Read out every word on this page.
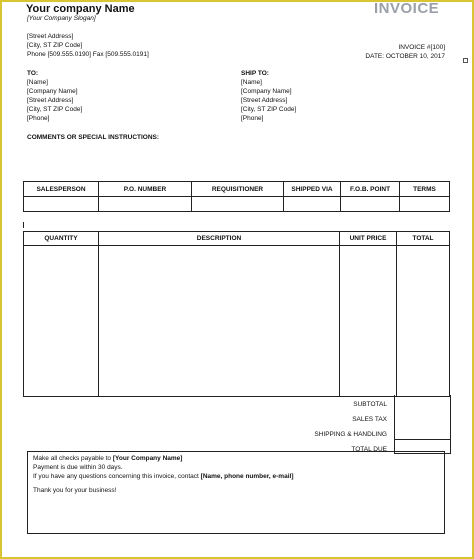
Your company Name
[Your Company Slogan]
INVOICE
[Street Address]
[City, ST ZIP Code]
Phone [509.555.0190] Fax [509.555.0191]
INVOICE #[100]
DATE: OCTOBER 10, 2017
TO:
[Name]
[Company Name]
[Street Address]
[City, ST ZIP Code]
[Phone]
SHIP TO:
[Name]
[Company Name]
[Street Address]
[City, ST ZIP Code]
[Phone]
COMMENTS OR SPECIAL INSTRUCTIONS:
SALESPERSON	P.O. NUMBER	REQUISITIONER	SHIPPED VIA	F.O.B. POINT	TERMS

QUANTITY	DESCRIPTION	UNIT PRICE	TOTAL

SUBTOTAL
SALES TAX
SHIPPING & HANDLING
TOTAL DUE
Make all checks payable to [Your Company Name]
Payment is due within 30 days.
If you have any questions concerning this invoice, contact [Name, phone number, e-mail]
Thank you for your business!
